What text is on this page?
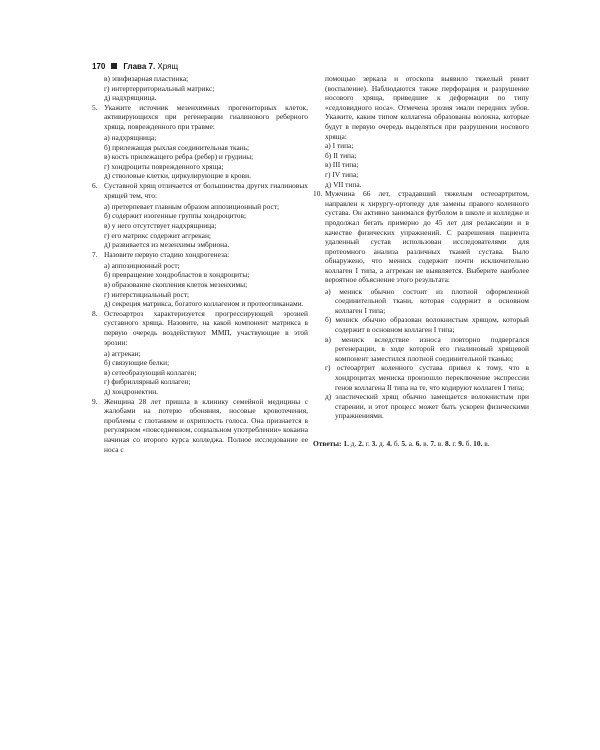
170 Глава 7. Хрящ
в) эпифизарная пластинка;
г) интертерриториальный матрикс;
д) надхрящница.
5. Укажите источник мезенхимных прогениторных клеток, активирующихся при регенерации гиалинового реберного хряща, поврежденного при травме:
а) надхрящница;
б) прилежащая рыхлая соединительная ткань;
в) кость прилежащего ребра (ребер) и грудины;
г) хондроциты поврежденного хряща;
д) стволовые клетки, циркулирующие в крови.
6. Суставной хрящ отличается от большинства других гиалиновых хрящей тем, что:
а) претерпевает главным образом аппозиционный рост;
б) содержит изогенные группы хондроцитов;
в) у него отсутствует надхрящница;
г) его матрикс содержит аггрекан;
д) развивается из мезенхимы эмбриона.
7. Назовите первую стадию хондрогенеза:
а) аппозиционный рост;
б) превращение хондробластов в хондроциты;
в) образование скопления клеток мезенхимы;
г) интерстициальный рост;
д) секреция матрикса, богатого коллагеном и протеогликанами.
8. Остеоартроз характеризуется прогрессирующей эрозией суставного хряща. Назовите, на какой компонент матрикса в первую очередь воздействуют ММП, участвующие в этой эрозии:
а) аггрекан;
б) связующие белки;
в) сетеобразующий коллаген;
г) фибриллярный коллаген;
д) хондронектин.
9. Женщина 28 лет пришла в клинику семейной медицины с жалобами на потерю обоняния, носовые кровотечения, проблемы с глотанием и охриплость голоса. Она признается в регулярном «повседневном, социальном употреблении» кокаина начиная со второго курса колледжа. Полное исследование ее носа с
помощью зеркала и отоскопа выявило тяжелый ринит (воспаление). Наблюдаются также перфорация и разрушение носового хряща, приведшие к деформации по типу «седловидного носа». Отмечена эрозия эмали передних зубов. Укажите, каким типом коллагена образованы волокна, которые будут в первую очередь выделяться при разрушении носового хряща:
а) I типа;
б) II типа;
в) III типа;
г) IV типа;
д) VII типа.
10. Мужчина 66 лет, страдавший тяжелым остеоартритом, направлен к хирургу-ортопеду для замены правого коленного сустава. Он активно занимался футболом в школе и колледже и продолжал бегать примерно до 45 лет для релаксации и в качестве физических упражнений. С разрешения пациента удаленный сустав использован исследователями для протеомного анализа различных тканей сустава. Было обнаружено, что мениск содержит почти исключительно коллаген I типа, а аггрекан не выявляется. Выберите наиболее вероятное объяснение этого результата:
а) мениск обычно состоит из плотной оформленной соединительной ткани, которая содержит в основном коллаген I типа;
б) мениск обычно образован волокнистым хрящом, который содержит в основном коллаген I типа;
в) мениск вследствие износа повторно подвергался регенерации, в ходе которой его гиалиновый хрящевой компонент заместился плотной соединительной тканью;
г) остеоартрит коленного сустава привел к тому, что в хондроцитах мениска произошло переключение экспрессии генов коллагена II типа на те, что кодируют коллаген I типа;
д) эластический хрящ обычно замещается волокнистым при старении, и этот процесс может быть ускорен физическими упражнениями.
Ответы: 1. д. 2. г. 3. д. 4. б. 5. а. 6. в. 7. в. 8. г. 9. б. 10. в.
